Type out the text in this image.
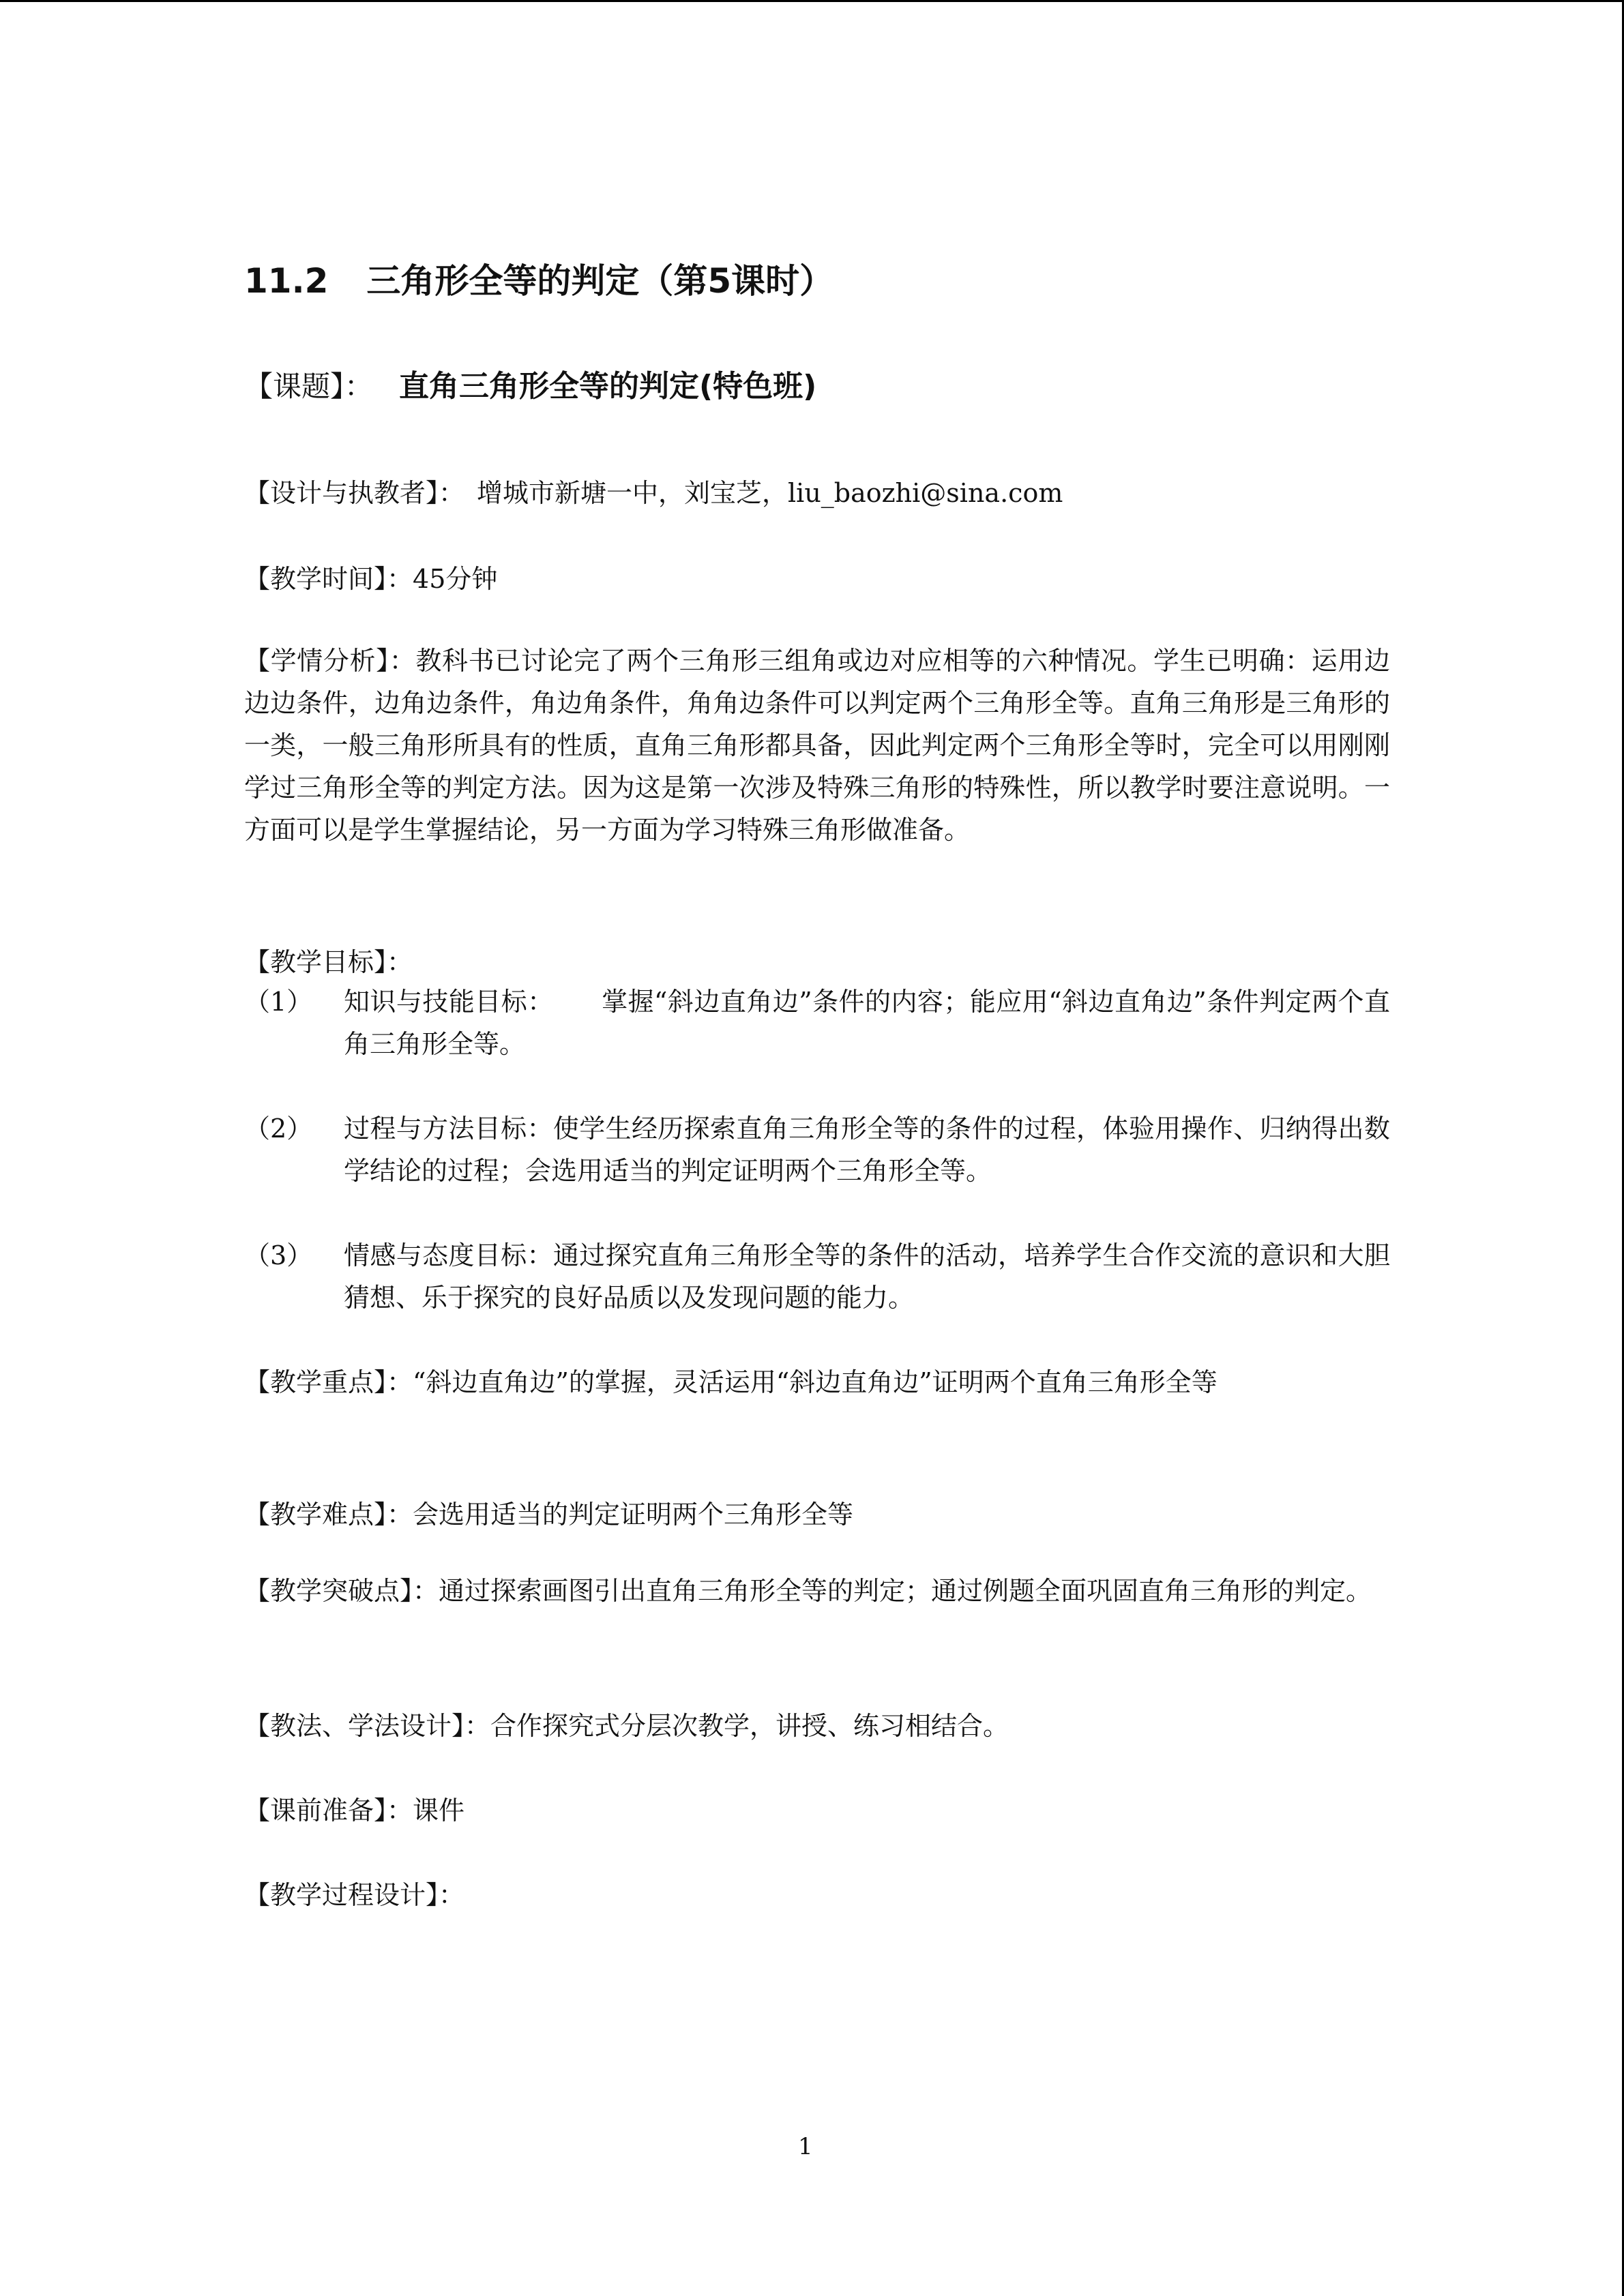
11.2 三角形全等的判定（第5课时）
【课题】： 直角三角形全等的判定(特色班)
【设计与执教者】： 增城市新塘一中，刘宝芝，liu_baozhi@sina.com
【教学时间】：45分钟
【学情分析】：教科书已讨论完了两个三角形三组角或边对应相等的六种情况。学生已明确：运用边边边条件，边角边条件，角边角条件，角角边条件可以判定两个三角形全等。直角三角形是三角形的一类，一般三角形所具有的性质，直角三角形都具备，因此判定两个三角形全等时，完全可以用刚刚学过三角形全等的判定方法。因为这是第一次涉及特殊三角形的特殊性，所以教学时要注意说明。一方面可以是学生掌握结论，另一方面为学习特殊三角形做准备。
【教学目标】：
（1） 知识与技能目标： 掌握“斜边直角边”条件的内容；能应用“斜边直角边”条件判定两个直角三角形全等。
（2） 过程与方法目标：使学生经历探索直角三角形全等的条件的过程，体验用操作、归纳得出数学结论的过程；会选用适当的判定证明两个三角形全等。
（3） 情感与态度目标：通过探究直角三角形全等的条件的活动，培养学生合作交流的意识和大胆猜想、乐于探究的良好品质以及发现问题的能力。
【教学重点】：“斜边直角边”的掌握，灵活运用“斜边直角边”证明两个直角三角形全等
【教学难点】：会选用适当的判定证明两个三角形全等
【教学突破点】：通过探索画图引出直角三角形全等的判定；通过例题全面巩固直角三角形的判定。
【教法、学法设计】：合作探究式分层次教学，讲授、练习相结合。
【课前准备】：课件
【教学过程设计】：
1
